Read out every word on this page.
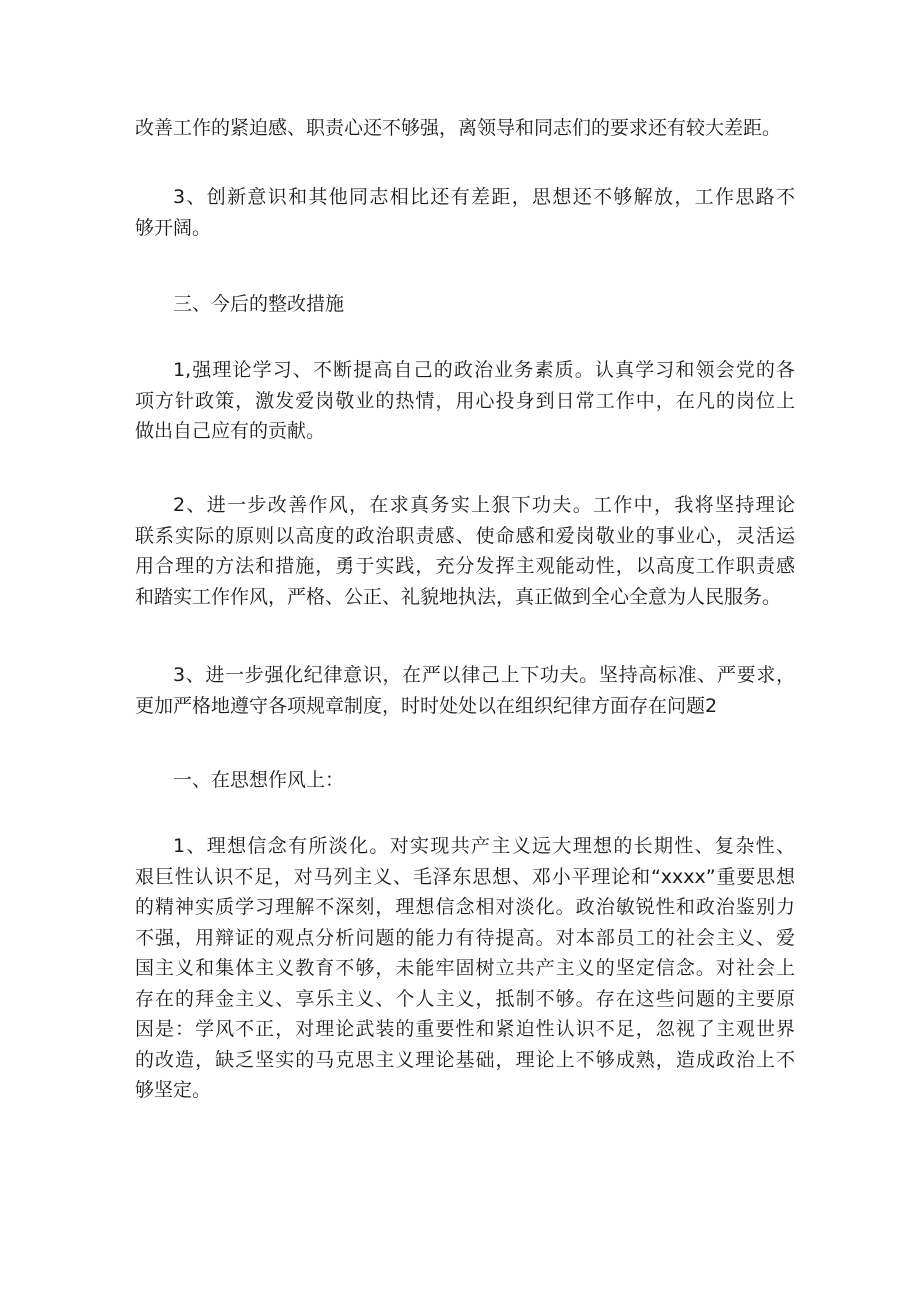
改善工作的紧迫感、职责心还不够强，离领导和同志们的要求还有较大差距。
3、创新意识和其他同志相比还有差距，思想还不够解放，工作思路不
够开阔。
三、今后的整改措施
1,强理论学习、不断提高自己的政治业务素质。认真学习和领会党的各
项方针政策，激发爱岗敬业的热情，用心投身到日常工作中，在凡的岗位上
做出自己应有的贡献。
2、进一步改善作风，在求真务实上狠下功夫。工作中，我将坚持理论
联系实际的原则以高度的政治职责感、使命感和爱岗敬业的事业心，灵活运
用合理的方法和措施，勇于实践，充分发挥主观能动性，以高度工作职责感
和踏实工作作风，严格、公正、礼貌地执法，真正做到全心全意为人民服务。
3、进一步强化纪律意识，在严以律己上下功夫。坚持高标准、严要求，
更加严格地遵守各项规章制度，时时处处以在组织纪律方面存在问题2
一、在思想作风上：
1、理想信念有所淡化。对实现共产主义远大理想的长期性、复杂性、
艰巨性认识不足，对马列主义、毛泽东思想、邓小平理论和“xxxx”重要思想
的精神实质学习理解不深刻，理想信念相对淡化。政治敏锐性和政治鉴别力
不强，用辩证的观点分析问题的能力有待提高。对本部员工的社会主义、爱
国主义和集体主义教育不够，未能牢固树立共产主义的坚定信念。对社会上
存在的拜金主义、享乐主义、个人主义，抵制不够。存在这些问题的主要原
因是：学风不正，对理论武装的重要性和紧迫性认识不足，忽视了主观世界
的改造，缺乏坚实的马克思主义理论基础，理论上不够成熟，造成政治上不
够坚定。
